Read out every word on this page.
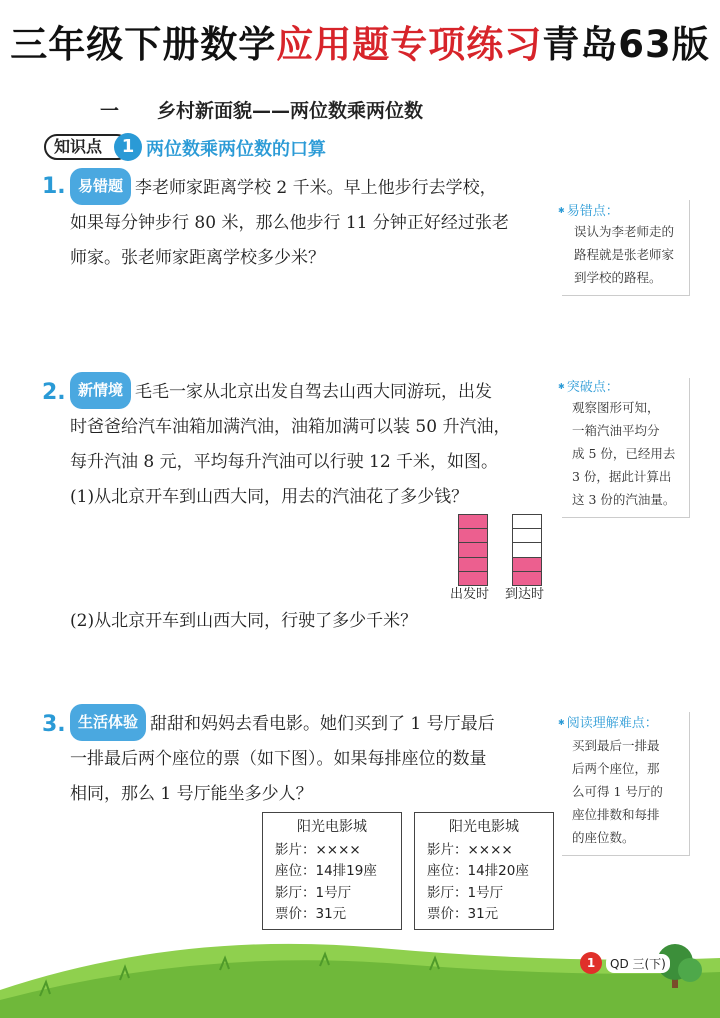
三年级下册数学应用题专项练习青岛63版
一 乡村新面貌——两位数乘两位数
知识点	1 两位数乘两位数的口算
1. 易错题 李老师家距离学校 2 千米。早上他步行去学校，
如果每分钟步行 80 米，那么他步行 11 分钟正好经过张老
师家。张老师家距离学校多少米？
✱ 易错点：
误认为李老师走的
路程就是张老师家
到学校的路程。
2. 新情境 毛毛一家从北京出发自驾去山西大同游玩，出发
时爸爸给汽车油箱加满汽油，油箱加满可以装 50 升汽油，
每升汽油 8 元，平均每升汽油可以行驶 12 千米，如图。
(1)从北京开车到山西大同，用去的汽油花了多少钱？
出发时 到达时
(2)从北京开车到山西大同，行驶了多少千米？
✱ 突破点：
观察图形可知，
一箱汽油平均分
成 5 份，已经用去
3 份，据此计算出
这 3 份的汽油量。
3. 生活体验 甜甜和妈妈去看电影。她们买到了 1 号厅最后
一排最后两个座位的票（如下图）。如果每排座位的数量
相同，那么 1 号厅能坐多少人？
✱ 阅读理解难点：
买到最后一排最
后两个座位，那
么可得 1 号厅的
座位排数和每排
的座位数。
阳光电影城
影片：××××
座位：14排19座
影厅：1号厅
票价：31元
阳光电影城
影片：××××
座位：14排20座
影厅：1号厅
票价：31元
1	QD 三(下)
